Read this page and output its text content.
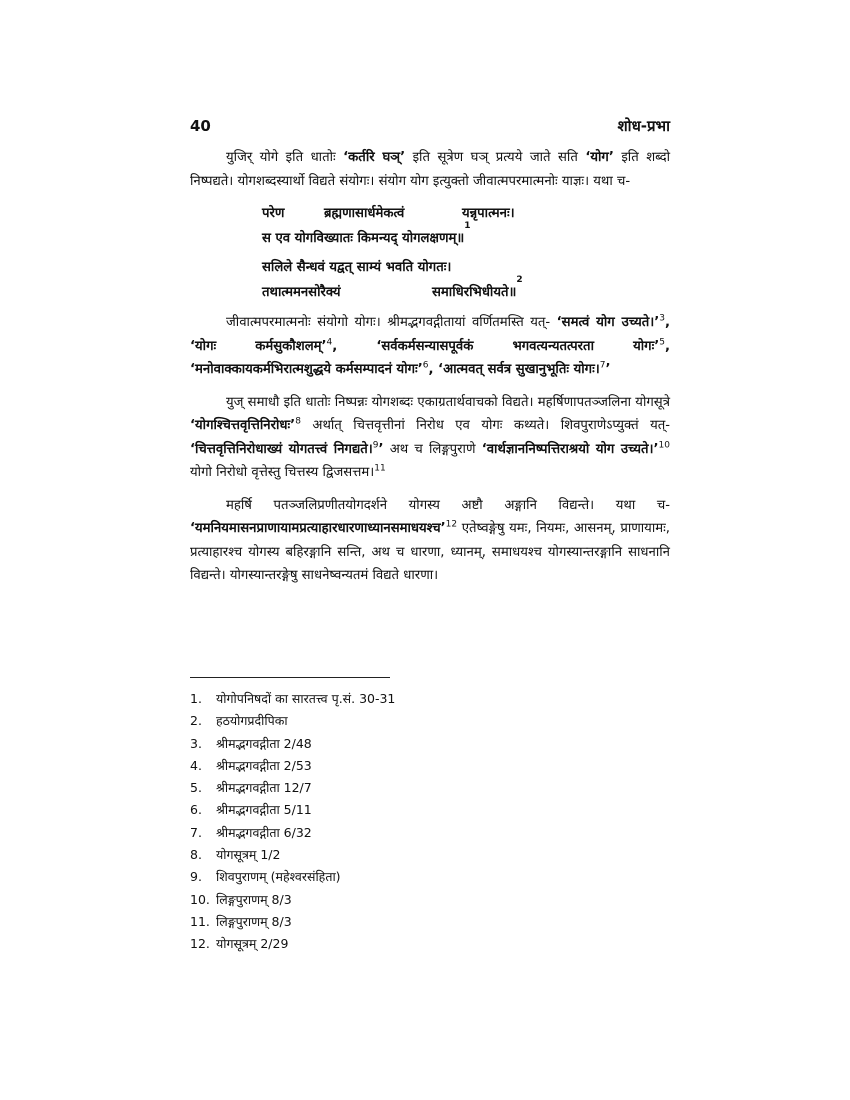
40	शोध-प्रभा

युजिर् योगे इति धातोः ‘कर्तरि घञ्’ इति सूत्रेण घञ् प्रत्यये जाते सति ‘योग’ इति शब्दो निष्पद्यते। योगशब्दस्यार्थो विद्यते संयोगः। संयोग योग इत्युक्तो जीवात्मपरमात्मनोः याज्ञः। यथा च-

परेण	ब्रह्मणासार्धमेकत्वं	यन्नृपात्मनः।
स एव योगविख्यातः किमन्यद् योगलक्षणम्॥
1
सलिले सैन्धवं यद्वत् साम्यं भवति योगतः।
तथात्ममनसोरैक्यं	समाधिरभिधीयते॥
2

जीवात्मपरमात्मनोः संयोगो योगः। श्रीमद्भगवद्गीतायां वर्णितमस्ति यत्- ‘समत्वं योग उच्यते।’$^3$, ‘योगः कर्मसुकौशलम्’$^4$, ‘सर्वकर्मसन्यासपूर्वकं भगवत्यन्यतत्परता योगः’$^5$, ‘मनोवाक्कायकर्मभिरात्मशुद्धये कर्मसम्पादनं योगः’$^6$, ‘आत्मवत् सर्वत्र सुखानुभूतिः योगः।$^7$’

युज् समाधौ इति धातोः निष्पन्नः योगशब्दः एकाग्रतार्थवाचको विद्यते। महर्षिणापतञ्जलिना योगसूत्रे ‘योगश्चित्तवृत्तिनिरोधः’$^8$ अर्थात् चित्तवृत्तीनां निरोध एव योगः कथ्यते। शिवपुराणेऽप्युक्तं यत्- ‘चित्तवृत्तिनिरोधाख्यं योगतत्त्वं निगद्यते।$^9$’ अथ च लिङ्गपुराणे ‘वार्थज्ञाननिष्पत्तिराश्रयो योग उच्यते।’$^{10}$ योगो निरोधो वृत्तेस्तु चित्तस्य द्विजसत्तम।$^{11}$

महर्षि पतञ्जलिप्रणीतयोगदर्शने योगस्य अष्टौ अङ्गानि विद्यन्ते। यथा च- ‘यमनियमासनप्राणायामप्रत्याहारधारणाध्यानसमाधयश्च’$^{12}$ एतेष्वङ्गेषु यमः, नियमः, आसनम्, प्राणायामः, प्रत्याहारश्च योगस्य बहिरङ्गानि सन्ति, अथ च धारणा, ध्यानम्, समाधयश्च योगस्यान्तरङ्गानि साधनानि विद्यन्ते। योगस्यान्तरङ्गेषु साधनेष्वन्यतमं विद्यते धारणा।

1.	योगोपनिषदों का सारतत्त्व पृ.सं. 30-31
2.	हठयोगप्रदीपिका
3.	श्रीमद्भगवद्गीता 2/48
4.	श्रीमद्भगवद्गीता 2/53
5.	श्रीमद्भगवद्गीता 12/7
6.	श्रीमद्भगवद्गीता 5/11
7.	श्रीमद्भगवद्गीता 6/32
8.	योगसूत्रम् 1/2
9.	शिवपुराणम् (महेश्वरसंहिता)
10. लिङ्गपुराणम् 8/3
11. लिङ्गपुराणम् 8/3
12. योगसूत्रम् 2/29
